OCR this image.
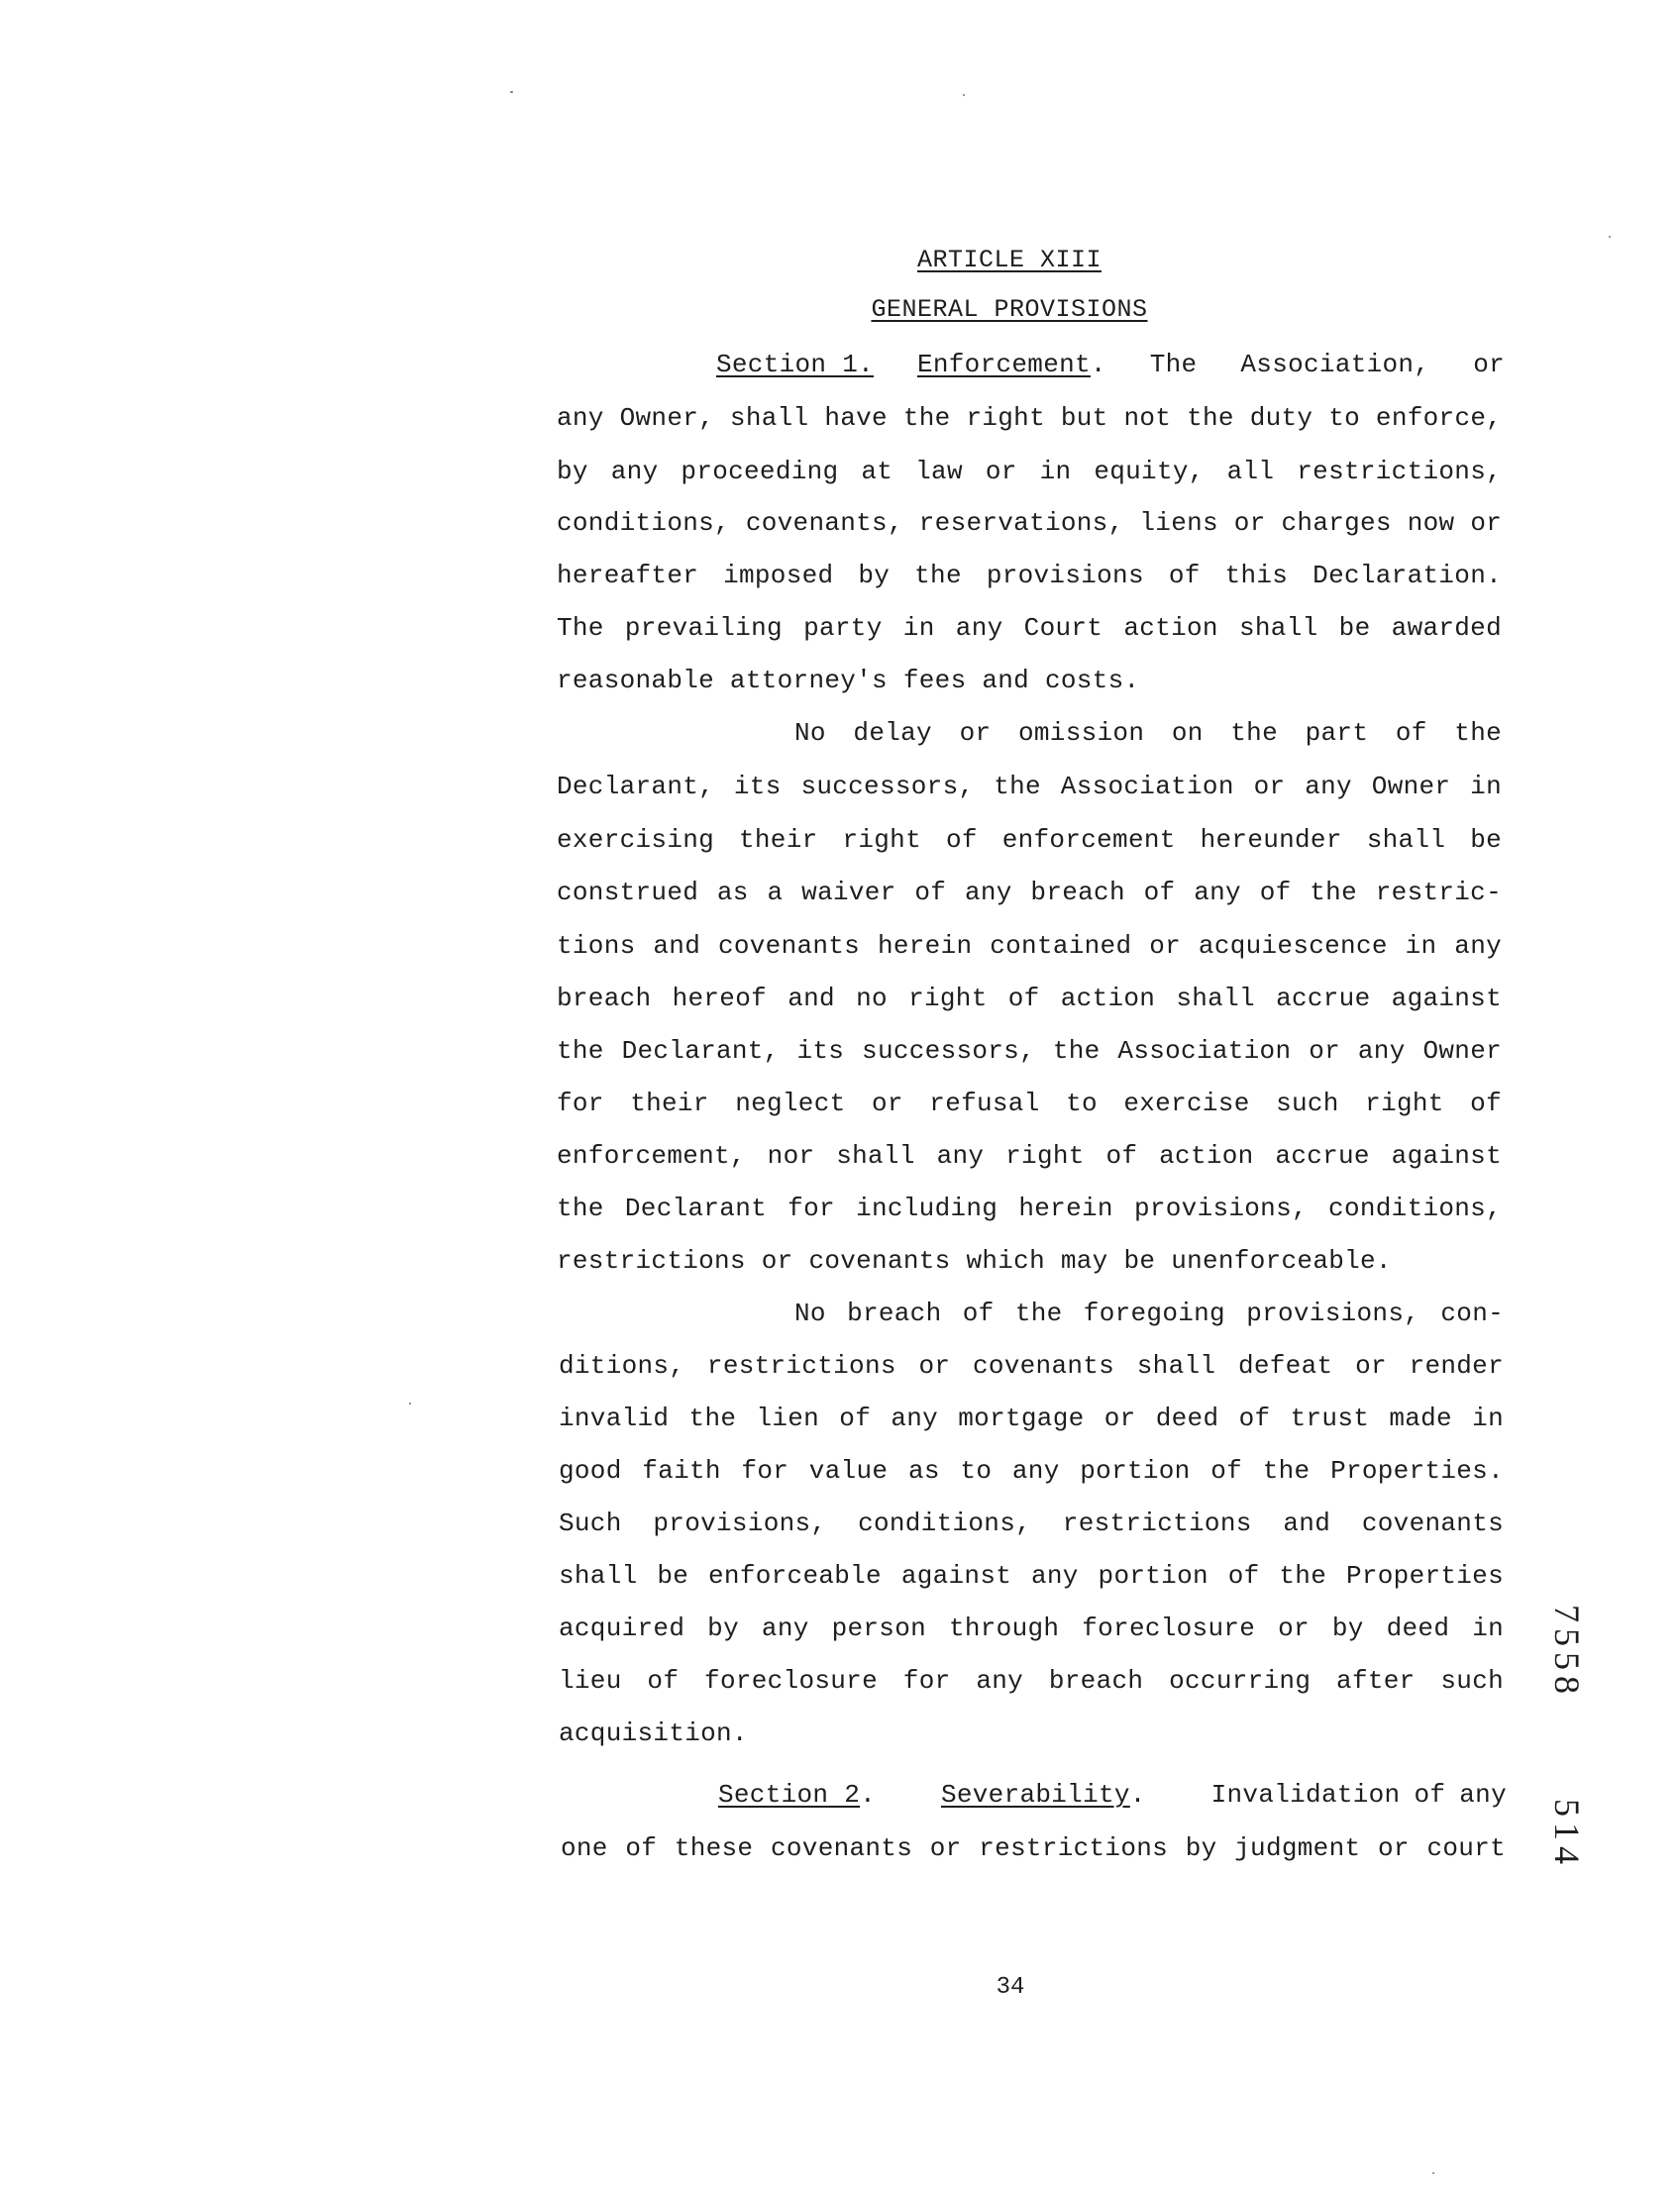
ARTICLE XIII
GENERAL PROVISIONS
Section 1. Enforcement. The Association, or
any Owner, shall have the right but not the duty to enforce,
by any proceeding at law or in equity, all restrictions,
conditions, covenants, reservations, liens or charges now or
hereafter imposed by the provisions of this Declaration.
The prevailing party in any Court action shall be awarded
reasonable attorney's fees and costs.
No delay or omission on the part of the
Declarant, its successors, the Association or any Owner in
exercising their right of enforcement hereunder shall be
construed as a waiver of any breach of any of the restric-
tions and covenants herein contained or acquiescence in any
breach hereof and no right of action shall accrue against
the Declarant, its successors, the Association or any Owner
for their neglect or refusal to exercise such right of
enforcement, nor shall any right of action accrue against
the Declarant for including herein provisions, conditions,
restrictions or covenants which may be unenforceable.
No breach of the foregoing provisions, con-
ditions, restrictions or covenants shall defeat or render
invalid the lien of any mortgage or deed of trust made in
good faith for value as to any portion of the Properties.
Such provisions, conditions, restrictions and covenants
shall be enforceable against any portion of the Properties
acquired by any person through foreclosure or by deed in
lieu of foreclosure for any breach occurring after such
acquisition.
Section 2.	Severability.	Invalidation of any
one of these covenants or restrictions by judgment or court
7558514
34
